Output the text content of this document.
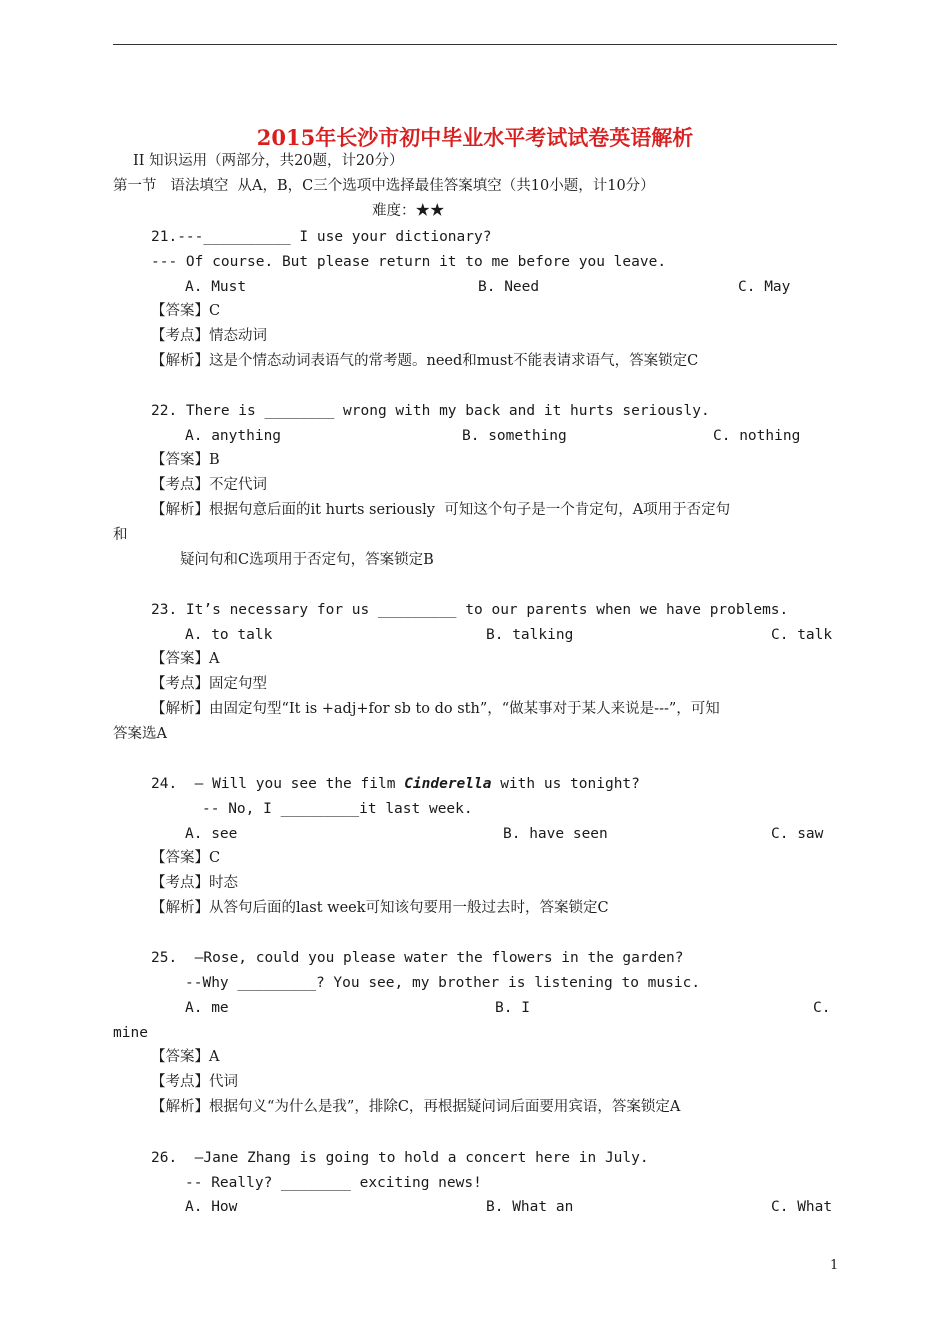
2015年长沙市初中毕业水平考试试卷英语解析
II 知识运用（两部分，共20题，计20分）
第一节   语法填空  从A，B，C三个选项中选择最佳答案填空（共10小题，计10分）
难度：★★
21.---__________ I use your dictionary?
--- Of course. But please return it to me before you leave.
A. Must	B. Need	C. May
【答案】C
【考点】情态动词
【解析】这是个情态动词表语气的常考题。need和must不能表请求语气，答案锁定C
22. There is ________ wrong with my back and it hurts seriously.
A. anything	B. something	C. nothing
【答案】B
【考点】不定代词
【解析】根据句意后面的it hurts seriously  可知这个句子是一个肯定句，A项用于否定句
和
疑问句和C选项用于否定句，答案锁定B
23. It’s necessary for us _________ to our parents when we have problems.
A. to talk	B. talking	C. talk
【答案】A
【考点】固定句型
【解析】由固定句型“It is +adj+for sb to do sth”，“做某事对于某人来说是---”，可知
答案选A
24.  – Will you see the film Cinderella with us tonight?
-- No, I _________it last week.
A. see	B. have seen	C. saw
【答案】C
【考点】时态
【解析】从答句后面的last week可知该句要用一般过去时，答案锁定C
25.  –Rose, could you please water the flowers in the garden?
--Why _________? You see, my brother is listening to music.
A. me	B. I	C.
mine
【答案】A
【考点】代词
【解析】根据句义“为什么是我”，排除C，再根据疑问词后面要用宾语，答案锁定A
26.  –Jane Zhang is going to hold a concert here in July.
-- Really? ________ exciting news!
A. How	B. What an	C. What
1
